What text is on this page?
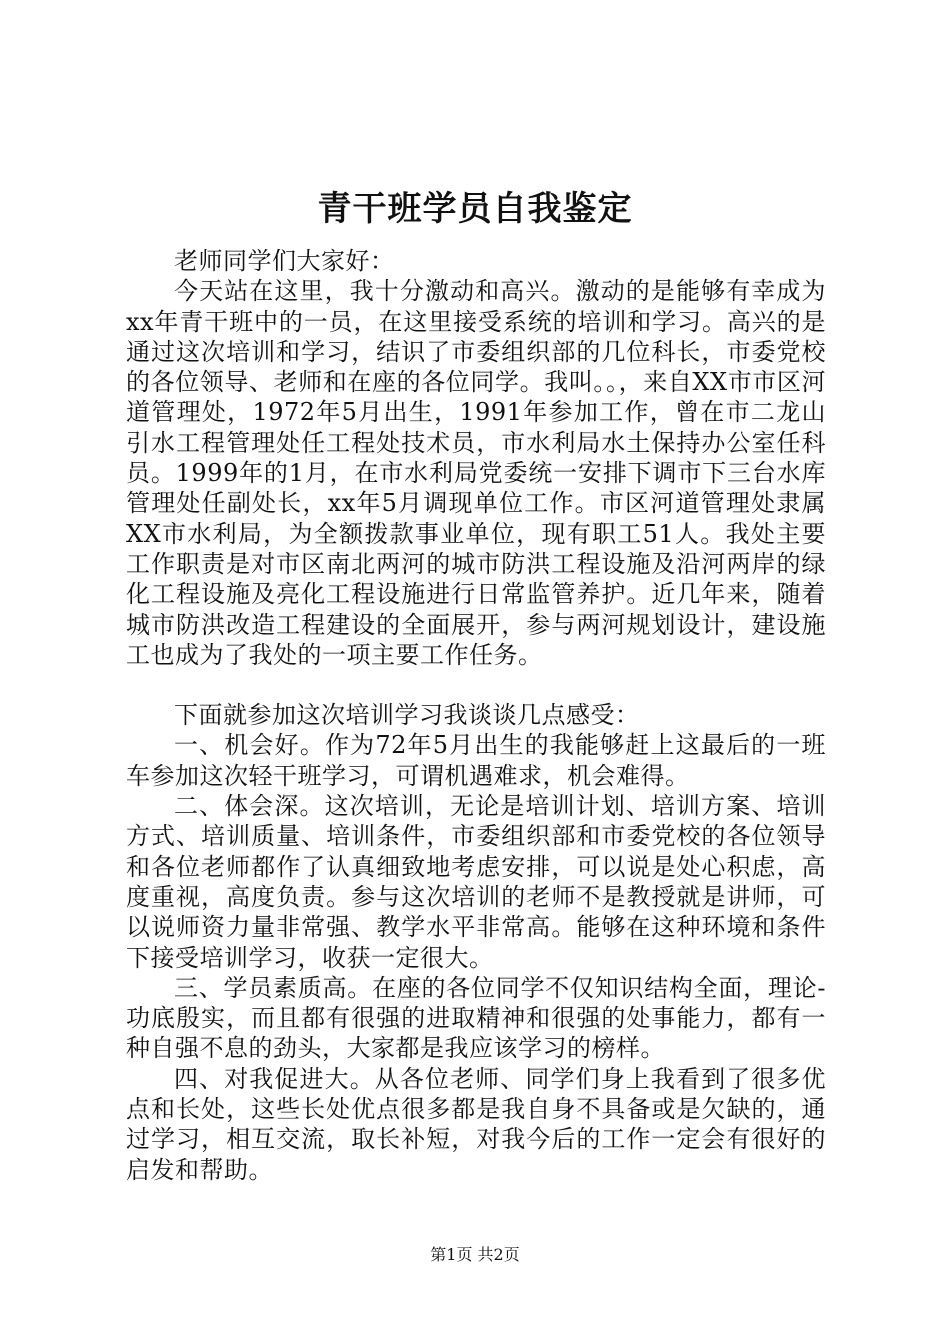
青干班学员自我鉴定

老师同学们大家好：

今天站在这里，我十分激动和高兴。激动的是能够有幸成为xx年青干班中的一员，在这里接受系统的培训和学习。高兴的是通过这次培训和学习，结识了市委组织部的几位科长，市委党校的各位领导、老师和在座的各位同学。我叫。。，来自XX市市区河道管理处，1972年5月出生，1991年参加工作，曾在市二龙山引水工程管理处任工程处技术员，市水利局水土保持办公室任科员。1999年的1月，在市水利局党委统一安排下调市下三台水库管理处任副处长，xx年5月调现单位工作。市区河道管理处隶属XX市水利局，为全额拨款事业单位，现有职工51人。我处主要工作职责是对市区南北两河的城市防洪工程设施及沿河两岸的绿化工程设施及亮化工程设施进行日常监管养护。近几年来，随着城市防洪改造工程建设的全面展开，参与两河规划设计，建设施工也成为了我处的一项主要工作任务。

下面就参加这次培训学习我谈谈几点感受：

一、机会好。作为72年5月出生的我能够赶上这最后的一班车参加这次轻干班学习，可谓机遇难求，机会难得。

二、体会深。这次培训，无论是培训计划、培训方案、培训方式、培训质量、培训条件，市委组织部和市委党校的各位领导和各位老师都作了认真细致地考虑安排，可以说是处心积虑，高度重视，高度负责。参与这次培训的老师不是教授就是讲师，可以说师资力量非常强、教学水平非常高。能够在这种环境和条件下接受培训学习，收获一定很大。

三、学员素质高。在座的各位同学不仅知识结构全面，理论-功底殷实，而且都有很强的进取精神和很强的处事能力，都有一种自强不息的劲头，大家都是我应该学习的榜样。

四、对我促进大。从各位老师、同学们身上我看到了很多优点和长处，这些长处优点很多都是我自身不具备或是欠缺的，通过学习，相互交流，取长补短，对我今后的工作一定会有很好的启发和帮助。

第1页 共2页
